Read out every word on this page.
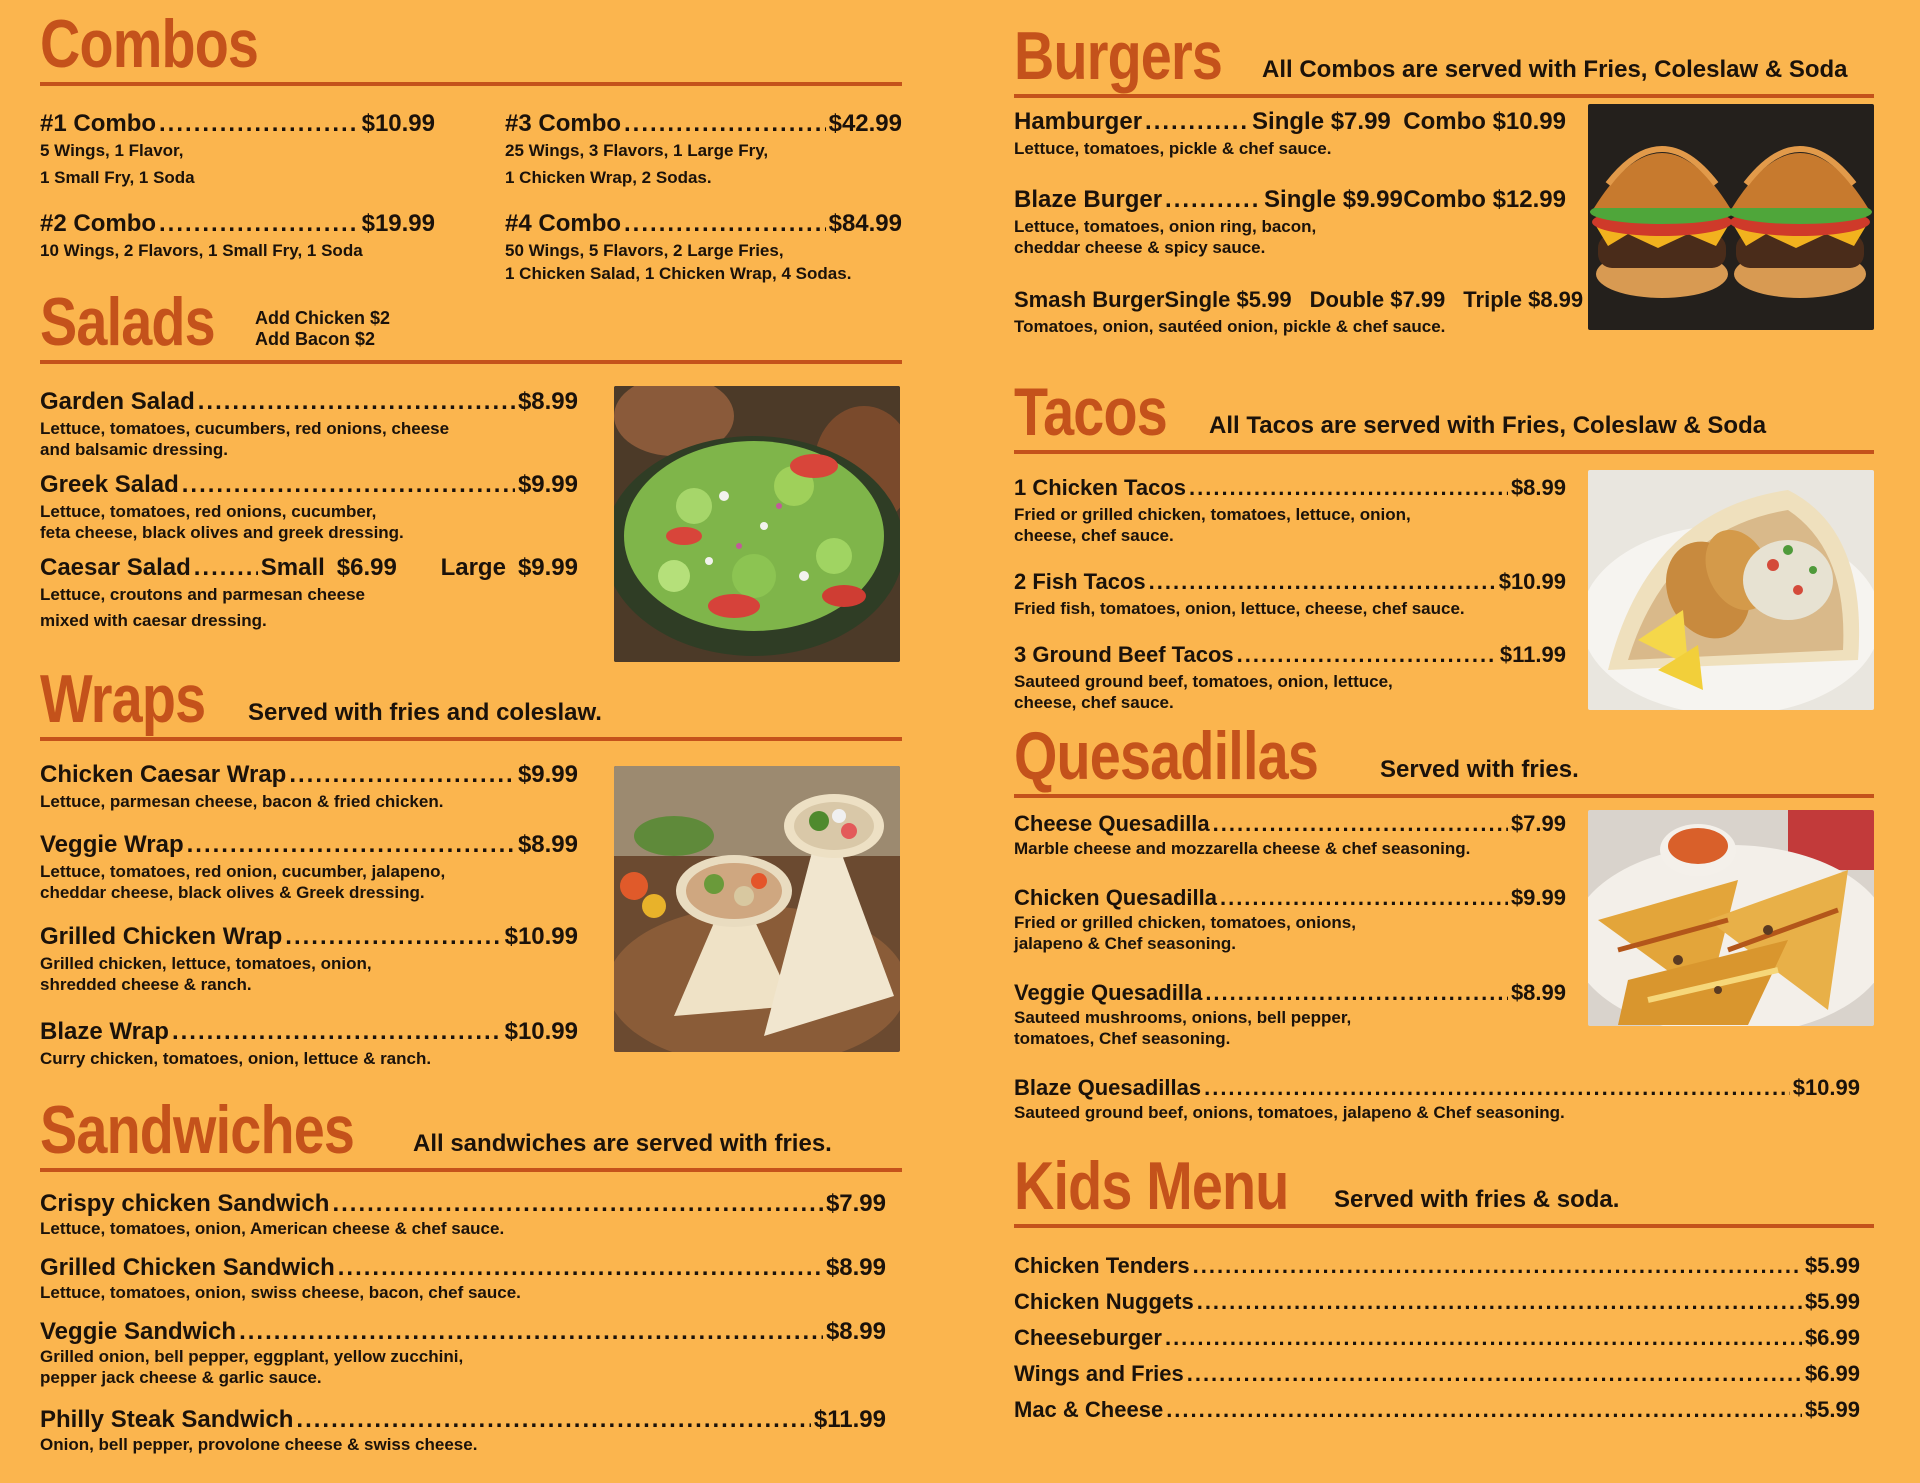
Combos
#1 Combo .....	$10.99
5 Wings, 1 Flavor,
1 Small Fry, 1 Soda
#2 Combo .....	$19.99
10 Wings, 2 Flavors, 1 Small Fry, 1 Soda
#3 Combo .....	$42.99
25 Wings, 3 Flavors, 1 Large Fry,
1 Chicken Wrap, 2 Sodas.
#4 Combo .....	$84.99
50 Wings, 5 Flavors, 2 Large Fries,
1 Chicken Salad, 1 Chicken Wrap, 4 Sodas.
Salads Add Chicken $2
Add Bacon $2
Garden Salad .....	$8.99
Lettuce, tomatoes, cucumbers, red onions, cheese
and balsamic dressing.
Greek Salad .....	$9.99
Lettuce, tomatoes, red onions, cucumber,
feta cheese, black olives and greek dressing.
Caesar Salad .....	Small $6.99 Large $9.99
Lettuce, croutons and parmesan cheese
mixed with caesar dressing.
Wraps Served with fries and coleslaw.
Chicken Caesar Wrap .....	$9.99
Lettuce, parmesan cheese, bacon & fried chicken.
Veggie Wrap .....	$8.99
Lettuce, tomatoes, red onion, cucumber, jalapeno,
cheddar cheese, black olives & Greek dressing.
Grilled Chicken Wrap .....	$10.99
Grilled chicken, lettuce, tomatoes, onion,
shredded cheese & ranch.
Blaze Wrap .....	$10.99
Curry chicken, tomatoes, onion, lettuce & ranch.
Sandwiches All sandwiches are served with fries.
Crispy chicken Sandwich .....	$7.99
Lettuce, tomatoes, onion, American cheese & chef sauce.
Grilled Chicken Sandwich .....	$8.99
Lettuce, tomatoes, onion, swiss cheese, bacon, chef sauce.
Veggie Sandwich .....	$8.99
Grilled onion, bell pepper, eggplant, yellow zucchini,
pepper jack cheese & garlic sauce.
Philly Steak Sandwich .....	$11.99
Onion, bell pepper, provolone cheese & swiss cheese.
Burgers All Combos are served with Fries, Coleslaw & Soda
Hamburger .....	Single $7.99 Combo $10.99
Lettuce, tomatoes, pickle & chef sauce.
Blaze Burger .....	Single $9.99 Combo $12.99
Lettuce, tomatoes, onion ring, bacon,
cheddar cheese & spicy sauce.
Smash Burger Single $5.99 Double $7.99 Triple $8.99
Tomatoes, onion, sautéed onion, pickle & chef sauce.
Tacos All Tacos are served with Fries, Coleslaw & Soda
1 Chicken Tacos .....	$8.99
Fried or grilled chicken, tomatoes, lettuce, onion,
cheese, chef sauce.
2 Fish Tacos .....	$10.99
Fried fish, tomatoes, onion, lettuce, cheese, chef sauce.
3 Ground Beef Tacos .....	$11.99
Sauteed ground beef, tomatoes, onion, lettuce,
cheese, chef sauce.
Quesadillas	Served with fries.
Cheese Quesadilla .....	$7.99
Marble cheese and mozzarella cheese & chef seasoning.
Chicken Quesadilla .....	$9.99
Fried or grilled chicken, tomatoes, onions,
jalapeno & Chef seasoning.
Veggie Quesadilla .....	$8.99
Sauteed mushrooms, onions, bell pepper,
tomatoes, Chef seasoning.
Blaze Quesadillas .....	$10.99
Sauteed ground beef, onions, tomatoes, jalapeno & Chef seasoning.
Kids Menu Served with fries & soda.
Chicken Tenders .....	$5.99
Chicken Nuggets .....	$5.99
Cheeseburger .....	$6.99
Wings and Fries .....	$6.99
Mac & Cheese .....	$5.99
